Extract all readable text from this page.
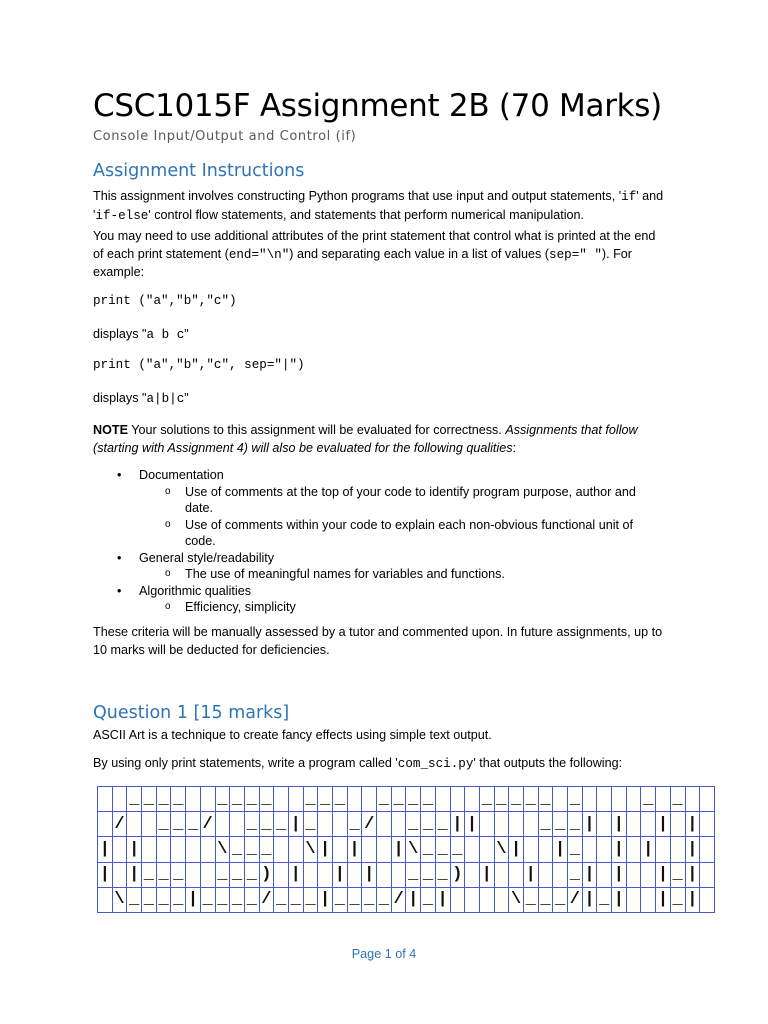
CSC1015F Assignment 2B (70 Marks)
Console Input/Output and Control (if)
Assignment Instructions
This assignment involves constructing Python programs that use input and output statements, 'if' and 'if-else' control flow statements, and statements that perform numerical manipulation.
You may need to use additional attributes of the print statement that control what is printed at the end of each print statement (end="\n") and separating each value in a list of values (sep=" "). For example:
print ("a","b","c")
displays "a b c"
print ("a","b","c", sep="|")
displays "a|b|c"
NOTE Your solutions to this assignment will be evaluated for correctness. Assignments that follow (starting with Assignment 4) will also be evaluated for the following qualities:
• Documentation
o Use of comments at the top of your code to identify program purpose, author and date.
o Use of comments within your code to explain each non-obvious functional unit of code.
• General style/readability
o The use of meaningful names for variables and functions.
• Algorithmic qualities
o Efficiency, simplicity
These criteria will be manually assessed by a tutor and commented upon. In future assignments, up to 10 marks will be deducted for deficiencies.
Question 1 [15 marks]
ASCII Art is a technique to create fancy effects using simple text output.
By using only print statements, write a program called 'com_sci.py' that outputs the following:
		_	_	_	_			_	_	_	_			_	_	_			_	_	_	_				_	_	_	_	_		_					_		_		
	/			_	_	_	/			_	_	_	|	_			_	/			_	_	_	|	|					_	_	_	|		|			|		|	
|		|						\	_	_	_			\	|		|			|	\	_	_	_			\	|			|	_			|		|			|	
|		|	_	_	_			_	_	_	)		|			|		|			_	_	_	)		|			|			_	|		|			|	_	|	
	\	_	_	_	_	|	_	_	_	_	/	_	_	_	|	_	_	_	_	/	|	_	|					\	_	_	_	/	|	_	|			|	_	|	
Page 1 of 4
